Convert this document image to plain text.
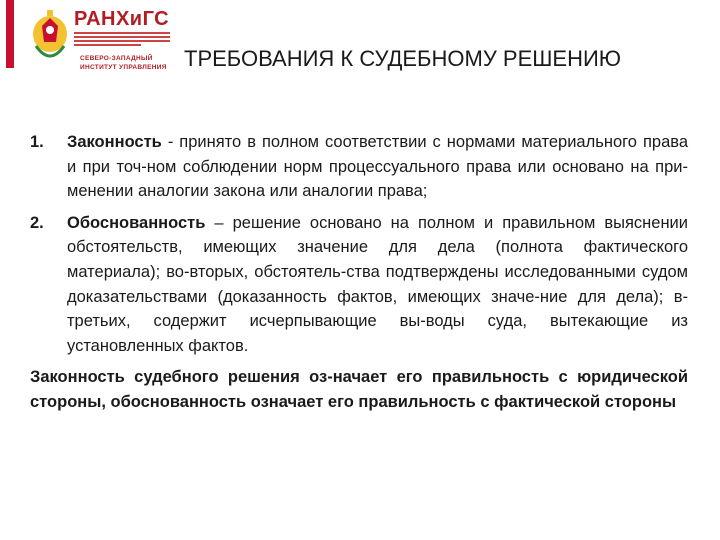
РАНХиГС
СЕВЕРО-ЗАПАДНЫЙ
ИНСТИТУТ УПРАВЛЕНИЯ ТРЕБОВАНИЯ К СУДЕБНОМУ РЕШЕНИЮ
1. Законность - принято в полном соответствии с нормами материального права и при точ-ном соблюдении норм процессуального права или основано на при-менении аналогии закона или аналогии права;
2. Обоснованность – решение основано на полном и правильном выяснении обстоятельств, имеющих значение для дела (полнота фактического материала); во-вторых, обстоятель-ства подтверждены исследованными судом доказательствами (доказанность фактов, имеющих значе-ние для дела); в-третьих, содержит исчерпывающие вы-воды суда, вытекающие из установленных фактов.
Законность судебного решения оз-начает его правильность с юридической стороны, обоснованность означает его правильность с фактической стороны
